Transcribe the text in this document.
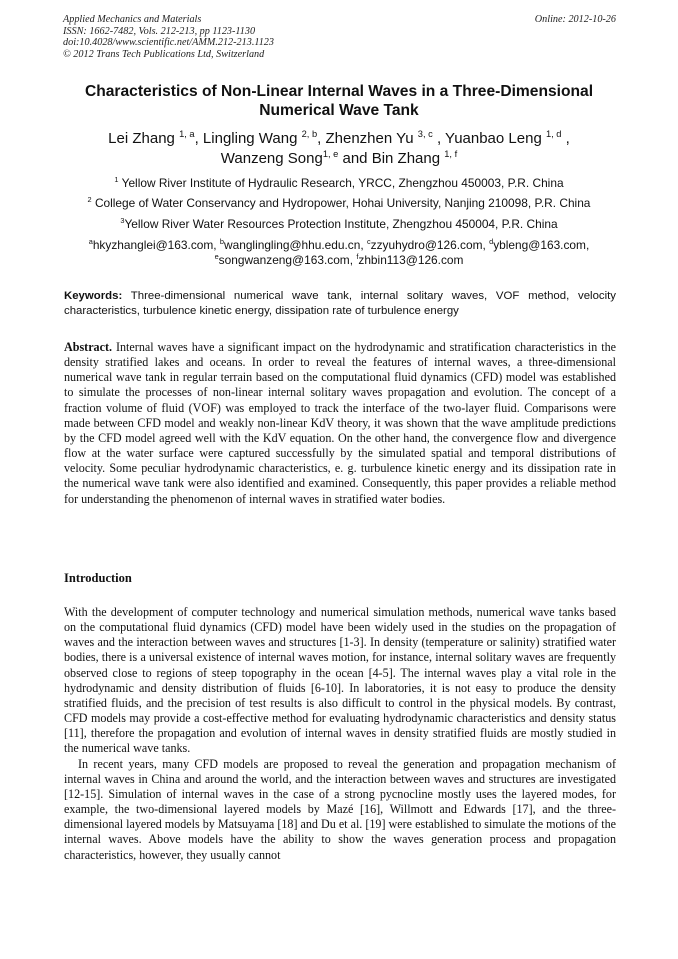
Applied Mechanics and Materials
ISSN: 1662-7482, Vols. 212-213, pp 1123-1130
doi:10.4028/www.scientific.net/AMM.212-213.1123
© 2012 Trans Tech Publications Ltd, Switzerland
Online: 2012-10-26
Characteristics of Non-Linear Internal Waves in a Three-Dimensional
Numerical Wave Tank
Lei Zhang $^{1, a}$, Lingling Wang $^{2, b}$, Zhenzhen Yu $^{3, c}$ , Yuanbao Leng $^{1, d}$ ,
Wanzeng Song$^{1, e}$ and Bin Zhang $^{1, f}$
$^1$ Yellow River Institute of Hydraulic Research, YRCC, Zhengzhou 450003, P.R. China
$^2$ College of Water Conservancy and Hydropower, Hohai University, Nanjing 210098, P.R. China
$^3$Yellow River Water Resources Protection Institute, Zhengzhou 450004, P.R. China
$^a$hkyzhanglei@163.com, $^b$wanglingling@hhu.edu.cn, $^c$zzyuhydro@126.com, $^d$ybleng@163.com,
$^e$songwanzeng@163.com, $^f$zhbin113@126.com
Keywords: Three-dimensional numerical wave tank, internal solitary waves, VOF method, velocity characteristics, turbulence kinetic energy, dissipation rate of turbulence energy
Abstract. Internal waves have a significant impact on the hydrodynamic and stratification characteristics in the density stratified lakes and oceans. In order to reveal the features of internal waves, a three-dimensional numerical wave tank in regular terrain based on the computational fluid dynamics (CFD) model was established to simulate the processes of non-linear internal solitary waves propagation and evolution. The concept of a fraction volume of fluid (VOF) was employed to track the interface of the two-layer fluid. Comparisons were made between CFD model and weakly non-linear KdV theory, it was shown that the wave amplitude predictions by the CFD model agreed well with the KdV equation. On the other hand, the convergence flow and divergence flow at the water surface were captured successfully by the simulated spatial and temporal distributions of velocity. Some peculiar hydrodynamic characteristics, e. g. turbulence kinetic energy and its dissipation rate in the numerical wave tank were also identified and examined. Consequently, this paper provides a reliable method for understanding the phenomenon of internal waves in stratified water bodies.
Introduction

With the development of computer technology and numerical simulation methods, numerical wave tanks based on the computational fluid dynamics (CFD) model have been widely used in the studies on the propagation of waves and the interaction between waves and structures [1-3]. In density (temperature or salinity) stratified water bodies, there is a universal existence of internal waves motion, for instance, internal solitary waves are frequently observed close to regions of steep topography in the ocean [4-5]. The internal waves play a vital role in the hydrodynamic and density distribution of fluids [6-10]. In laboratories, it is not easy to produce the density stratified fluids, and the precision of test results is also difficult to control in the physical models. By contrast, CFD models may provide a cost-effective method for evaluating hydrodynamic characteristics and density status [11], therefore the propagation and evolution of internal waves in density stratified fluids are mostly studied in the numerical wave tanks.

In recent years, many CFD models are proposed to reveal the generation and propagation mechanism of internal waves in China and around the world, and the interaction between waves and structures are investigated [12-15]. Simulation of internal waves in the case of a strong pycnocline mostly uses the layered modes, for example, the two-dimensional layered models by Mazé [16], Willmott and Edwards [17], and the three-dimensional layered models by Matsuyama [18] and Du et al. [19] were established to simulate the motions of the internal waves. Above models have the ability to show the waves generation process and propagation characteristics, however, they usually cannot
